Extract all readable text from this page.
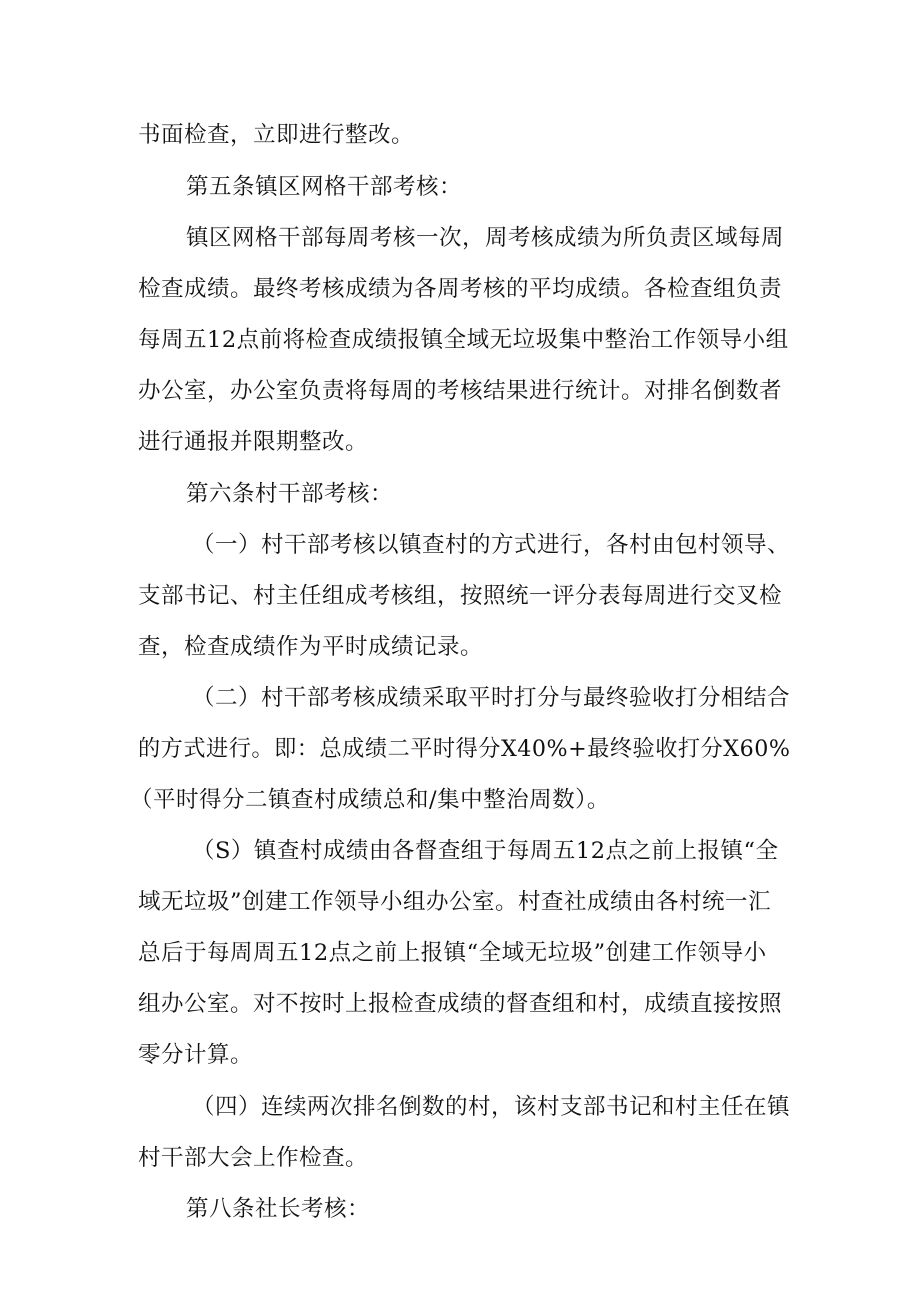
书面检查，立即进行整改。
第五条镇区网格干部考核：
镇区网格干部每周考核一次，周考核成绩为所负责区域每周
检查成绩。最终考核成绩为各周考核的平均成绩。各检查组负责
每周五12点前将检查成绩报镇全域无垃圾集中整治工作领导小组
办公室，办公室负责将每周的考核结果进行统计。对排名倒数者
进行通报并限期整改。
第六条村干部考核：
（一）村干部考核以镇查村的方式进行，各村由包村领导、
支部书记、村主任组成考核组，按照统一评分表每周进行交叉检
查，检查成绩作为平时成绩记录。
（二）村干部考核成绩采取平时打分与最终验收打分相结合
的方式进行。即：总成绩二平时得分X40%+最终验收打分X60%
（平时得分二镇查村成绩总和/集中整治周数）。
（S）镇查村成绩由各督查组于每周五12点之前上报镇“全
域无垃圾”创建工作领导小组办公室。村查社成绩由各村统一汇
总后于每周周五12点之前上报镇“全域无垃圾”创建工作领导小
组办公室。对不按时上报检查成绩的督查组和村，成绩直接按照
零分计算。
（四）连续两次排名倒数的村，该村支部书记和村主任在镇
村干部大会上作检查。
第八条社长考核：
